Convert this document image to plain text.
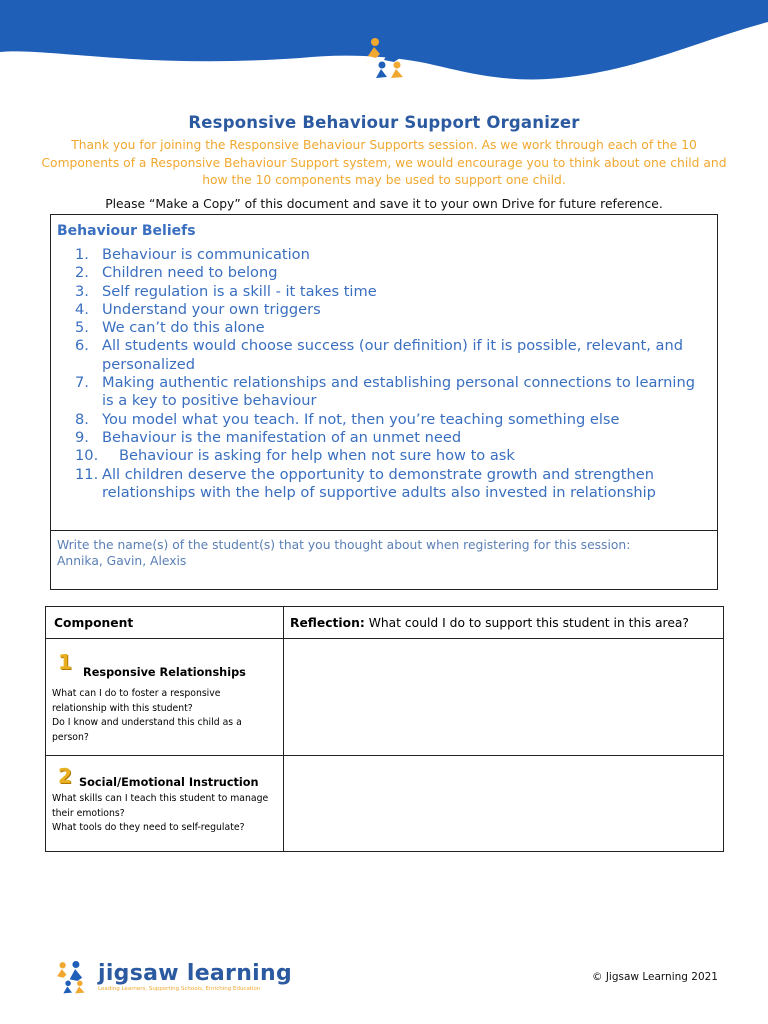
Responsive Behaviour Support Organizer
Thank you for joining the Responsive Behaviour Supports session. As we work through each of the 10 Components of a Responsive Behaviour Support system, we would encourage you to think about one child and how the 10 components may be used to support one child.
Please “Make a Copy” of this document and save it to your own Drive for future reference.
Behaviour Beliefs
1. Behaviour is communication
2. Children need to belong
3. Self regulation is a skill - it takes time
4. Understand your own triggers
5. We can’t do this alone
6. All students would choose success (our definition) if it is possible, relevant, and personalized
7. Making authentic relationships and establishing personal connections to learning is a key to positive behaviour
8. You model what you teach. If not, then you’re teaching something else
9. Behaviour is the manifestation of an unmet need
10.	Behaviour is asking for help when not sure how to ask
11. All children deserve the opportunity to demonstrate growth and strengthen relationships with the help of supportive adults also invested in relationship
Write the name(s) of the student(s) that you thought about when registering for this session:
Annika, Gavin, Alexis
Component	Reflection: What could I do to support this student in this area?

1 Responsive Relationships
What can I do to foster a responsive relationship with this student?
Do I know and understand this child as a person?	

2 Social/Emotional Instruction
What skills can I teach this student to manage their emotions?
What tools do they need to self-regulate?	

jigsaw learning
Leading Learners, Supporting Schools, Enriching Education
© Jigsaw Learning 2021
